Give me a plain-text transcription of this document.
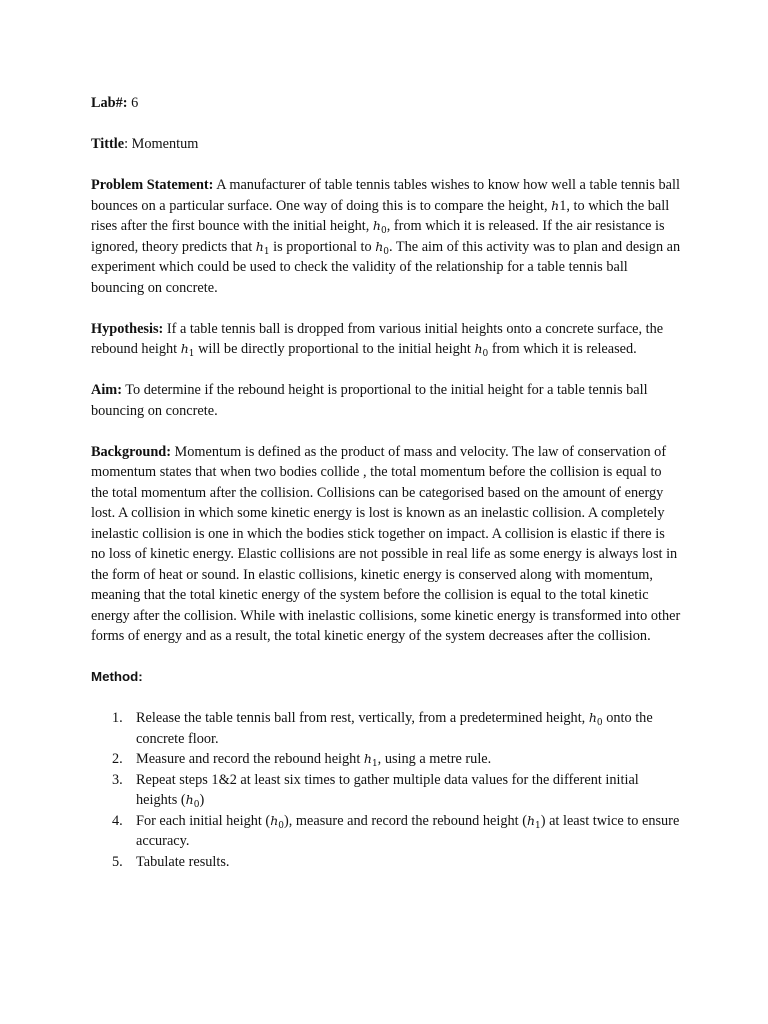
Lab#: 6

Tittle: Momentum

Problem Statement: A manufacturer of table tennis tables wishes to know how well a table tennis ball bounces on a particular surface. One way of doing this is to compare the height, h1, to which the ball rises after the first bounce with the initial height, $h_0$, from which it is released. If the air resistance is ignored, theory predicts that $h_1$ is proportional to $h_0$. The aim of this activity was to plan and design an experiment which could be used to check the validity of the relationship for a table tennis ball bouncing on concrete.

Hypothesis: If a table tennis ball is dropped from various initial heights onto a concrete surface, the rebound height $h_1$ will be directly proportional to the initial height $h_0$ from which it is released.

Aim: To determine if the rebound height is proportional to the initial height for a table tennis ball bouncing on concrete.

Background: Momentum is defined as the product of mass and velocity. The law of conservation of momentum states that when two bodies collide , the total momentum before the collision is equal to the total momentum after the collision. Collisions can be categorised based on the amount of energy lost. A collision in which some kinetic energy is lost is known as an inelastic collision. A completely inelastic collision is one in which the bodies stick together on impact. A collision is elastic if there is no loss of kinetic energy. Elastic collisions are not possible in real life as some energy is always lost in the form of heat or sound. In elastic collisions, kinetic energy is conserved along with momentum, meaning that the total kinetic energy of the system before the collision is equal to the total kinetic energy after the collision. While with inelastic collisions, some kinetic energy is transformed into other forms of energy and as a result, the total kinetic energy of the system decreases after the collision.

Method:
1. Release the table tennis ball from rest, vertically, from a predetermined height, $h_0$ onto the concrete floor.
2. Measure and record the rebound height $h_1$, using a metre rule.
3. Repeat steps 1&2 at least six times to gather multiple data values for the different initial heights $(h_0)$
4. For each initial height $(h_0)$, measure and record the rebound height $(h_1)$ at least twice to ensure accuracy.
5. Tabulate results.
